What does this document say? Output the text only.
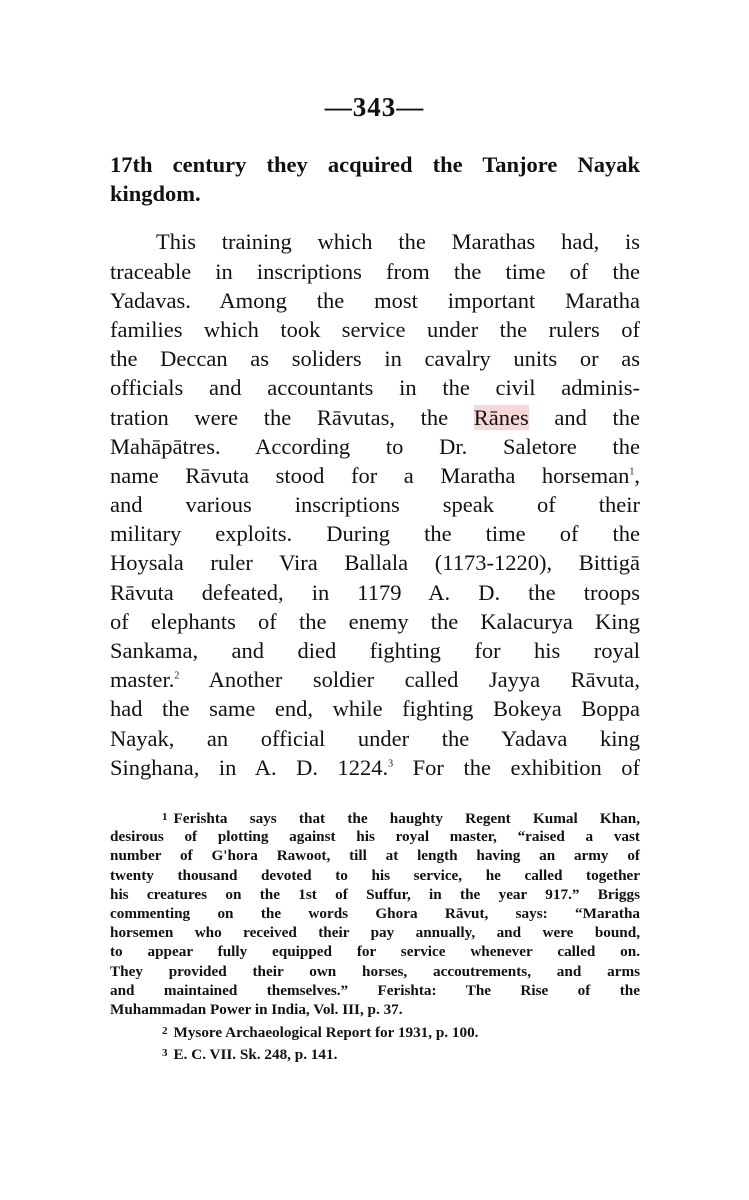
—343—
17th century they acquired the Tanjore Nayak
kingdom.
This training which the Marathas had, is
traceable in inscriptions from the time of the
Yadavas. Among the most important Maratha
families which took service under the rulers of
the Deccan as soliders in cavalry units or as
officials and accountants in the civil adminis-
tration were the Rāvutas, the Rānes and the
Mahāpātres. According to Dr. Saletore the
name Rāvuta stood for a Maratha horseman$^1$,
and various inscriptions speak of their
military exploits. During the time of the
Hoysala ruler Vira Ballala (1173-1220), Bittigā
Rāvuta defeated, in 1179 A. D. the troops
of elephants of the enemy the Kalacurya King
Sankama, and died fighting for his royal
master.$^2$ Another soldier called Jayya Rāvuta,
had the same end, while fighting Bokeya Boppa
Nayak, an official under the Yadava king
Singhana, in A. D. 1224.$^3$ For the exhibition of
1 Ferishta says that the haughty Regent Kumal Khan,
desirous of plotting against his royal master, “raised a vast
number of G'hora Rawoot, till at length having an army of
twenty thousand devoted to his service, he called together
his creatures on the 1st of Suffur, in the year 917.” Briggs
commenting on the words Ghora Rāvut, says: “Maratha
horsemen who received their pay annually, and were bound,
to appear fully equipped for service whenever called on.
They provided their own horses, accoutrements, and arms
and maintained themselves.” Ferishta: The Rise of the
Muhammadan Power in India, Vol. III, p. 37.
2 Mysore Archaeological Report for 1931, p. 100.
3 E. C. VII. Sk. 248, p. 141.
